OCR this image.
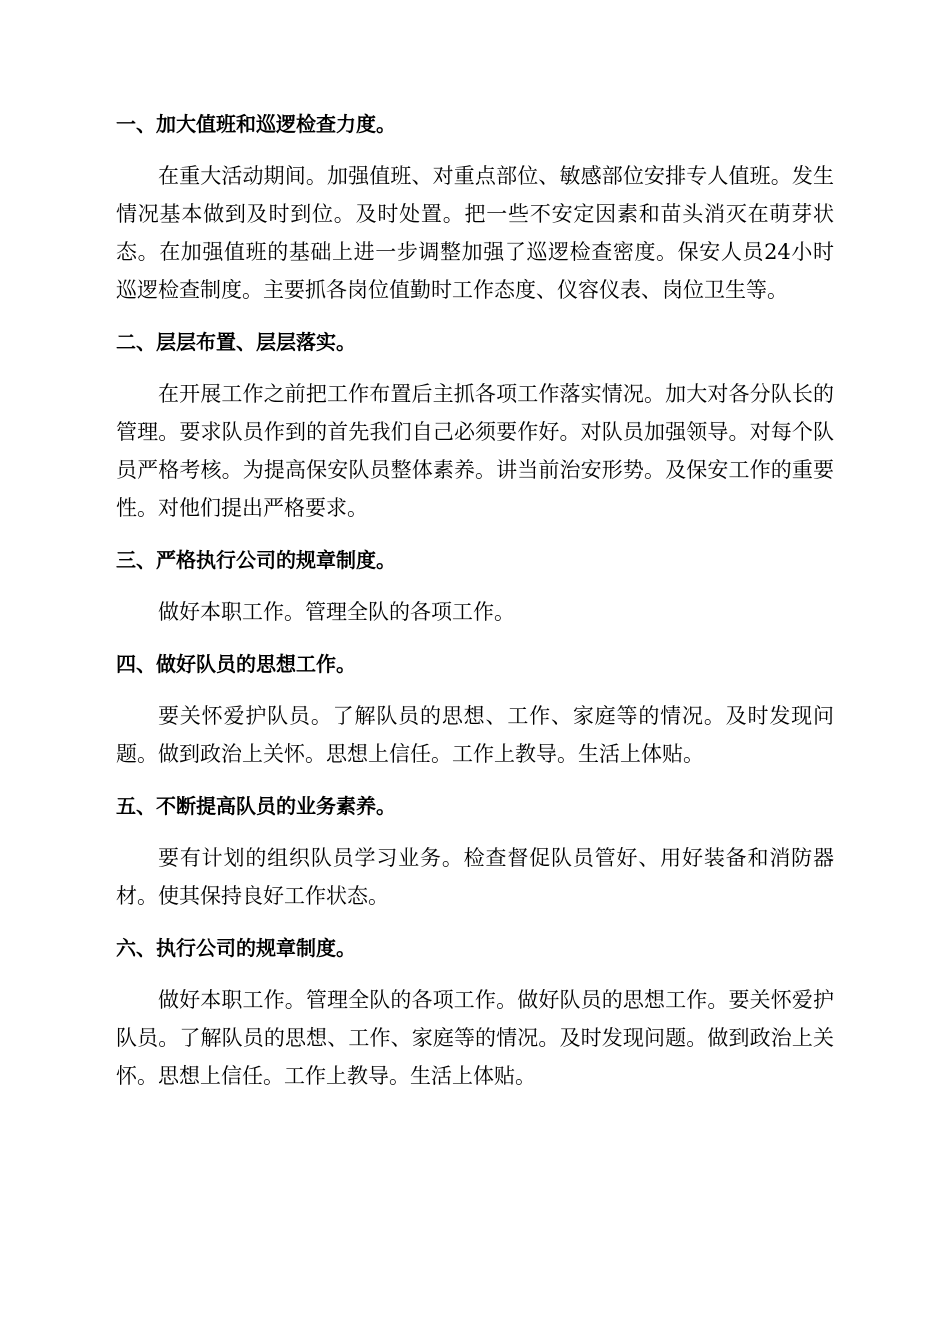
一、加大值班和巡逻检查力度。
在重大活动期间。加强值班、对重点部位、敏感部位安排专人值班。发生情况基本做到及时到位。及时处置。把一些不安定因素和苗头消灭在萌芽状态。在加强值班的基础上进一步调整加强了巡逻检查密度。保安人员24小时巡逻检查制度。主要抓各岗位值勤时工作态度、仪容仪表、岗位卫生等。
二、层层布置、层层落实。
在开展工作之前把工作布置后主抓各项工作落实情况。加大对各分队长的管理。要求队员作到的首先我们自己必须要作好。对队员加强领导。对每个队员严格考核。为提高保安队员整体素养。讲当前治安形势。及保安工作的重要性。对他们提出严格要求。
三、严格执行公司的规章制度。
做好本职工作。管理全队的各项工作。
四、做好队员的思想工作。
要关怀爱护队员。了解队员的思想、工作、家庭等的情况。及时发现问题。做到政治上关怀。思想上信任。工作上教导。生活上体贴。
五、不断提高队员的业务素养。
要有计划的组织队员学习业务。检查督促队员管好、用好装备和消防器材。使其保持良好工作状态。
六、执行公司的规章制度。
做好本职工作。管理全队的各项工作。做好队员的思想工作。要关怀爱护队员。了解队员的思想、工作、家庭等的情况。及时发现问题。做到政治上关怀。思想上信任。工作上教导。生活上体贴。
